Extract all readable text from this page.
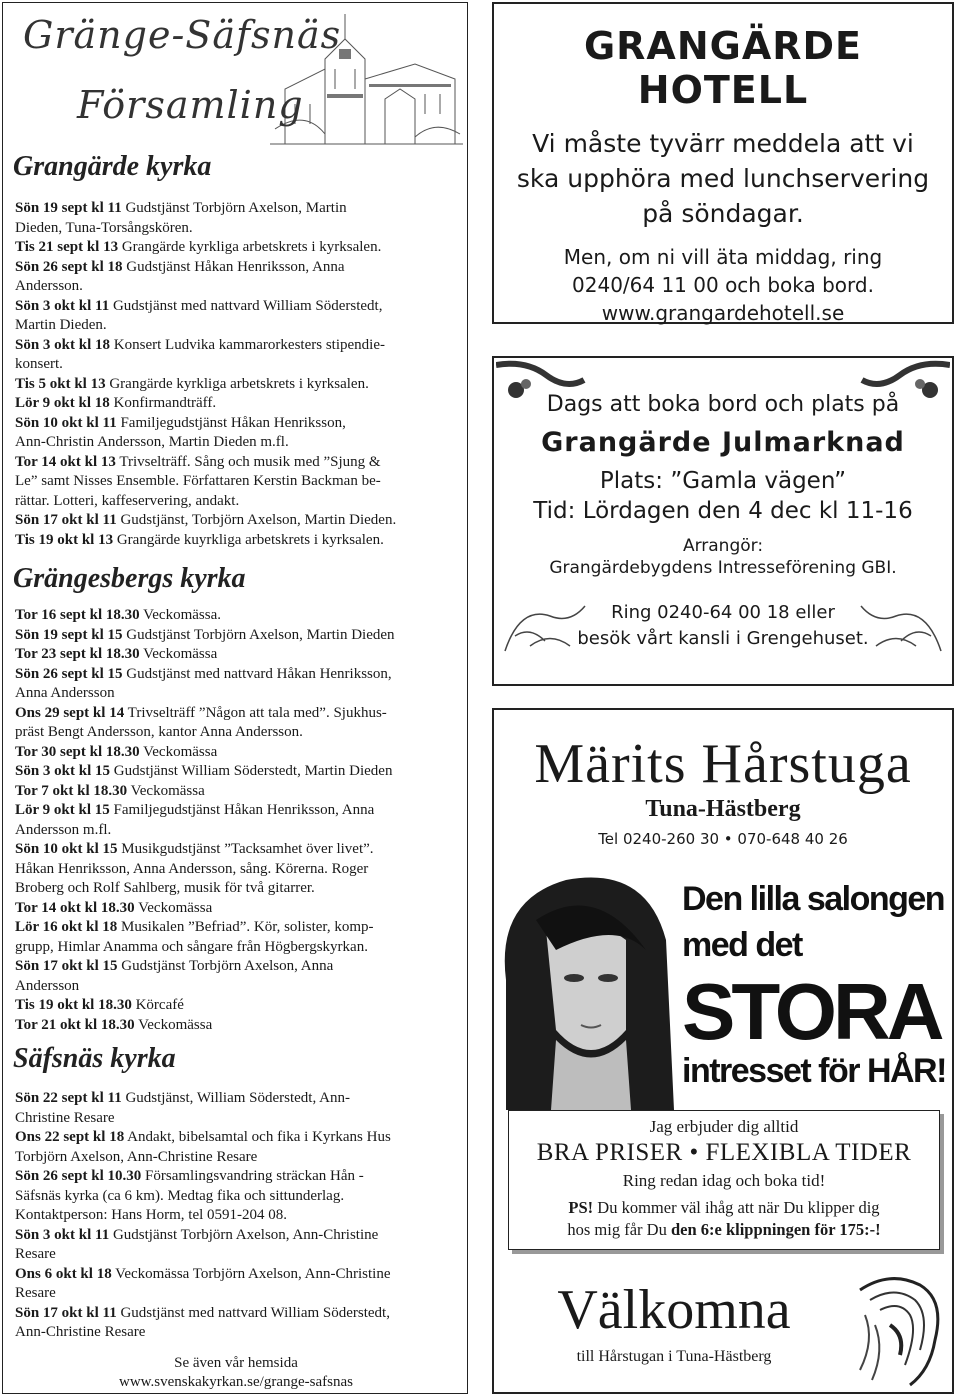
Gränge-Säfsnäs
Församling
Grangärde kyrka
Sön 19 sept kl 11 Gudstjänst Torbjörn Axelson, Martin
Dieden, Tuna-Torsångskören.
Tis 21 sept kl 13 Grangärde kyrkliga arbetskrets i kyrksalen.
Sön 26 sept kl 18 Gudstjänst Håkan Henriksson, Anna
Andersson.
Sön 3 okt kl 11 Gudstjänst med nattvard William Söderstedt,
Martin Dieden.
Sön 3 okt kl 18 Konsert Ludvika kammarorkesters stipendie-
konsert.
Tis 5 okt kl 13 Grangärde kyrkliga arbetskrets i kyrksalen.
Lör 9 okt kl 18 Konfirmandträff.
Sön 10 okt kl 11 Familjegudstjänst Håkan Henriksson,
Ann-Christin Andersson, Martin Dieden m.fl.
Tor 14 okt kl 13 Trivselträff. Sång och musik med ”Sjung &
Le” samt Nisses Ensemble. Författaren Kerstin Backman be-
rättar. Lotteri, kaffeservering, andakt.
Sön 17 okt kl 11 Gudstjänst, Torbjörn Axelson, Martin Dieden.
Tis 19 okt kl 13 Grangärde kuyrkliga arbetskrets i kyrksalen.
Grängesbergs kyrka
Tor 16 sept kl 18.30 Veckomässa.
Sön 19 sept kl 15 Gudstjänst Torbjörn Axelson, Martin Dieden
Tor 23 sept kl 18.30 Veckomässa
Sön 26 sept kl 15 Gudstjänst med nattvard Håkan Henriksson,
Anna Andersson
Ons 29 sept kl 14 Trivselträff ”Någon att tala med”. Sjukhus-
präst Bengt Andersson, kantor Anna Andersson.
Tor 30 sept kl 18.30 Veckomässa
Sön 3 okt kl 15 Gudstjänst William Söderstedt, Martin Dieden
Tor 7 okt kl 18.30 Veckomässa
Lör 9 okt kl 15 Familjegudstjänst Håkan Henriksson, Anna
Andersson m.fl.
Sön 10 okt kl 15 Musikgudstjänst ”Tacksamhet över livet”.
Håkan Henriksson, Anna Andersson, sång. Körerna. Roger
Broberg och Rolf Sahlberg, musik för två gitarrer.
Tor 14 okt kl 18.30 Veckomässa
Lör 16 okt kl 18 Musikalen ”Befriad”. Kör, solister, komp-
grupp, Himlar Anamma och sångare från Högbergskyrkan.
Sön 17 okt kl 15 Gudstjänst Torbjörn Axelson, Anna
Andersson
Tis 19 okt kl 18.30 Körcafé
Tor 21 okt kl 18.30 Veckomässa
Säfsnäs kyrka
Sön 22 sept kl 11 Gudstjänst, William Söderstedt, Ann-
Christine Resare
Ons 22 sept kl 18 Andakt, bibelsamtal och fika i Kyrkans Hus
Torbjörn Axelson, Ann-Christine Resare
Sön 26 sept kl 10.30 Församlingsvandring sträckan Hån -
Säfsnäs kyrka (ca 6 km). Medtag fika och sittunderlag.
Kontaktperson: Hans Horm, tel 0591-204 08.
Sön 3 okt kl 11 Gudstjänst Torbjörn Axelson, Ann-Christine
Resare
Ons 6 okt kl 18 Veckomässa Torbjörn Axelson, Ann-Christine
Resare
Sön 17 okt kl 11 Gudstjänst med nattvard William Söderstedt,
Ann-Christine Resare
Se även vår hemsida
www.svenskakyrkan.se/grange-safsnas
GRANGÄRDE HOTELL
Vi måste tyvärr meddela att vi
ska upphöra med lunchservering
på söndagar.
Men, om ni vill äta middag, ring
0240/64 11 00 och boka bord.
www.grangardehotell.se
Dags att boka bord och plats på
Grangärde Julmarknad
Plats: ”Gamla vägen”
Tid: Lördagen den 4 dec kl 11-16
Arrangör:
Grangärdebygdens Intresseförening GBI.
Ring 0240-64 00 18 eller
besök vårt kansli i Grengehuset.
Märits Hårstuga
Tuna-Hästberg
Tel 0240-260 30 • 070-648 40 26
Den lilla salongen
med det
STORA
intresset för HÅR!
Jag erbjuder dig alltid
BRA PRISER • FLEXIBLA TIDER
Ring redan idag och boka tid!
PS! Du kommer väl ihåg att när Du klipper dig
hos mig får Du den 6:e klippningen för 175:-!
Välkomna
till Hårstugan i Tuna-Hästberg
